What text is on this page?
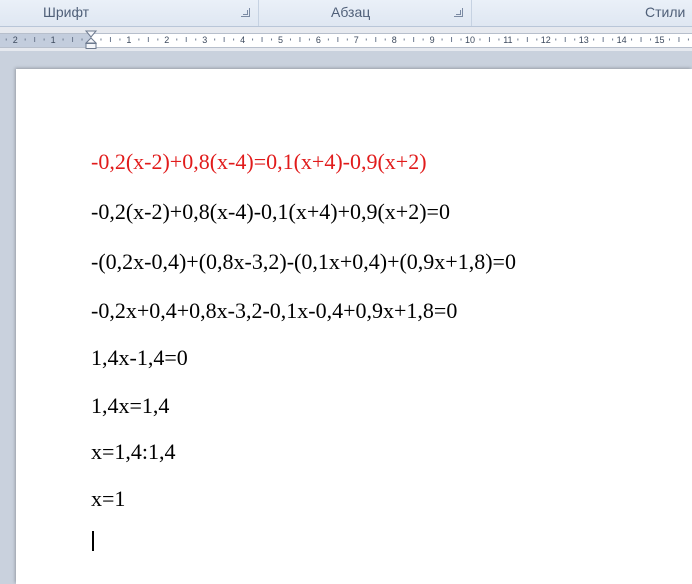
Шрифт	Абзац	Стили
2	1	1	2	3	4	5	6	7	8	9	10	11	12	13	14	15
-0,2(x-2)+0,8(x-4)=0,1(x+4)-0,9(x+2)
-0,2(x-2)+0,8(x-4)-0,1(x+4)+0,9(x+2)=0
-(0,2x-0,4)+(0,8x-3,2)-(0,1x+0,4)+(0,9x+1,8)=0
-0,2x+0,4+0,8x-3,2-0,1x-0,4+0,9x+1,8=0
1,4x-1,4=0
1,4x=1,4
x=1,4:1,4
x=1
